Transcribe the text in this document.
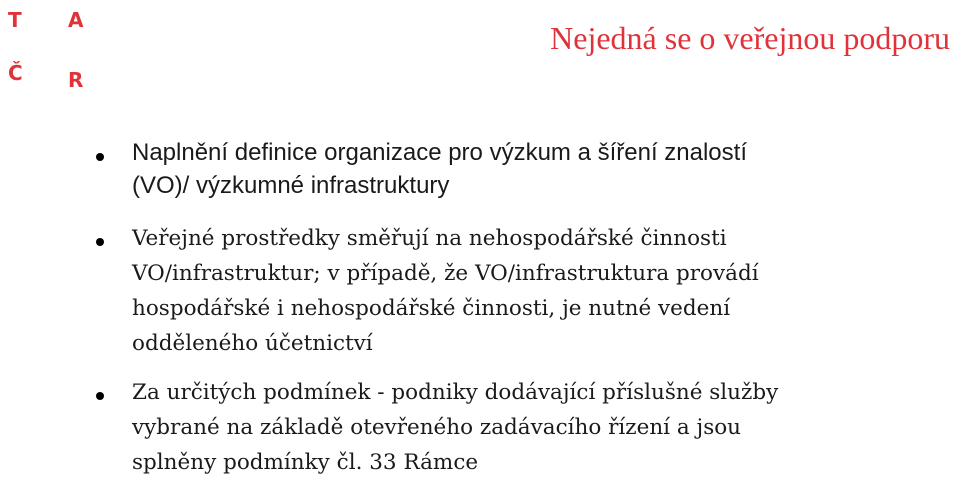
T A
Č R
Nejedná se o veřejnou podporu
Naplnění definice organizace pro výzkum a šíření znalostí
(VO)/ výzkumné infrastruktury
Veřejné prostředky směřují na nehospodářské činnosti
VO/infrastruktur; v případě, že VO/infrastruktura provádí
hospodářské i nehospodářské činnosti, je nutné vedení
odděleného účetnictví
Za určitých podmínek - podniky dodávající příslušné služby
vybrané na základě otevřeného zadávacího řízení a jsou
splněny podmínky čl. 33 Rámce
